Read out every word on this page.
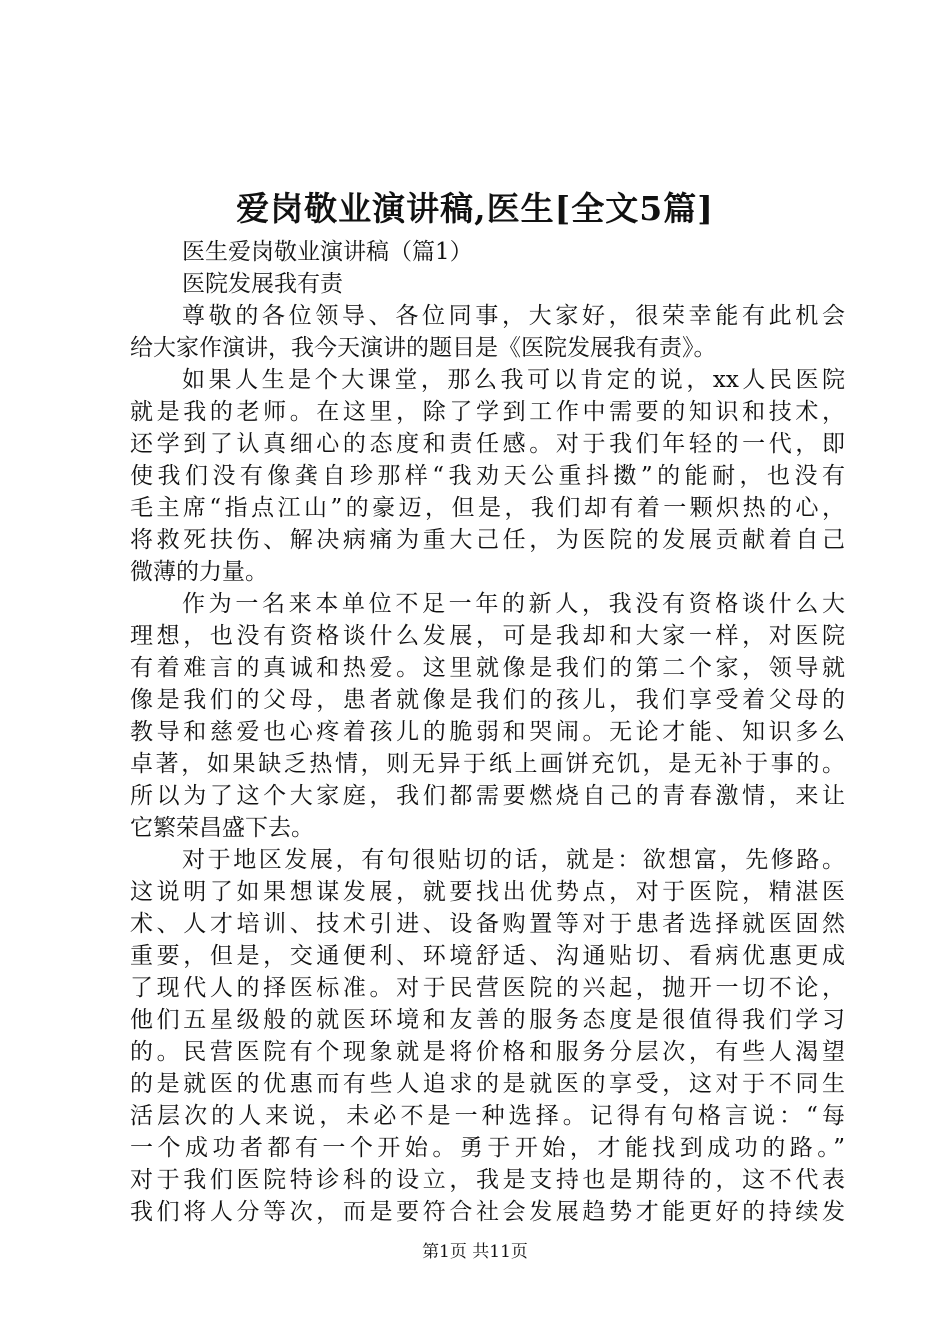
爱岗敬业演讲稿,医生[全文5篇]
医生爱岗敬业演讲稿（篇1）
医院发展我有责
尊敬的各位领导、各位同事，大家好，很荣幸能有此机会
给大家作演讲，我今天演讲的题目是《医院发展我有责》。
如果人生是个大课堂，那么我可以肯定的说，xx人民医院
就是我的老师。在这里，除了学到工作中需要的知识和技术，
还学到了认真细心的态度和责任感。对于我们年轻的一代，即
使我们没有像龚自珍那样“我劝天公重抖擞”的能耐，也没有
毛主席“指点江山”的豪迈，但是，我们却有着一颗炽热的心，
将救死扶伤、解决病痛为重大己任，为医院的发展贡献着自己
微薄的力量。
作为一名来本单位不足一年的新人，我没有资格谈什么大
理想，也没有资格谈什么发展，可是我却和大家一样，对医院
有着难言的真诚和热爱。这里就像是我们的第二个家，领导就
像是我们的父母，患者就像是我们的孩儿，我们享受着父母的
教导和慈爱也心疼着孩儿的脆弱和哭闹。无论才能、知识多么
卓著，如果缺乏热情，则无异于纸上画饼充饥，是无补于事的。
所以为了这个大家庭，我们都需要燃烧自己的青春激情，来让
它繁荣昌盛下去。
对于地区发展，有句很贴切的话，就是：欲想富，先修路。
这说明了如果想谋发展，就要找出优势点，对于医院，精湛医
术、人才培训、技术引进、设备购置等对于患者选择就医固然
重要，但是，交通便利、环境舒适、沟通贴切、看病优惠更成
了现代人的择医标准。对于民营医院的兴起，抛开一切不论，
他们五星级般的就医环境和友善的服务态度是很值得我们学习
的。民营医院有个现象就是将价格和服务分层次，有些人渴望
的是就医的优惠而有些人追求的是就医的享受，这对于不同生
活层次的人来说，未必不是一种选择。记得有句格言说：“每
一个成功者都有一个开始。勇于开始，才能找到成功的路。”
对于我们医院特诊科的设立，我是支持也是期待的，这不代表
我们将人分等次，而是要符合社会发展趋势才能更好的持续发
第1页 共11页
